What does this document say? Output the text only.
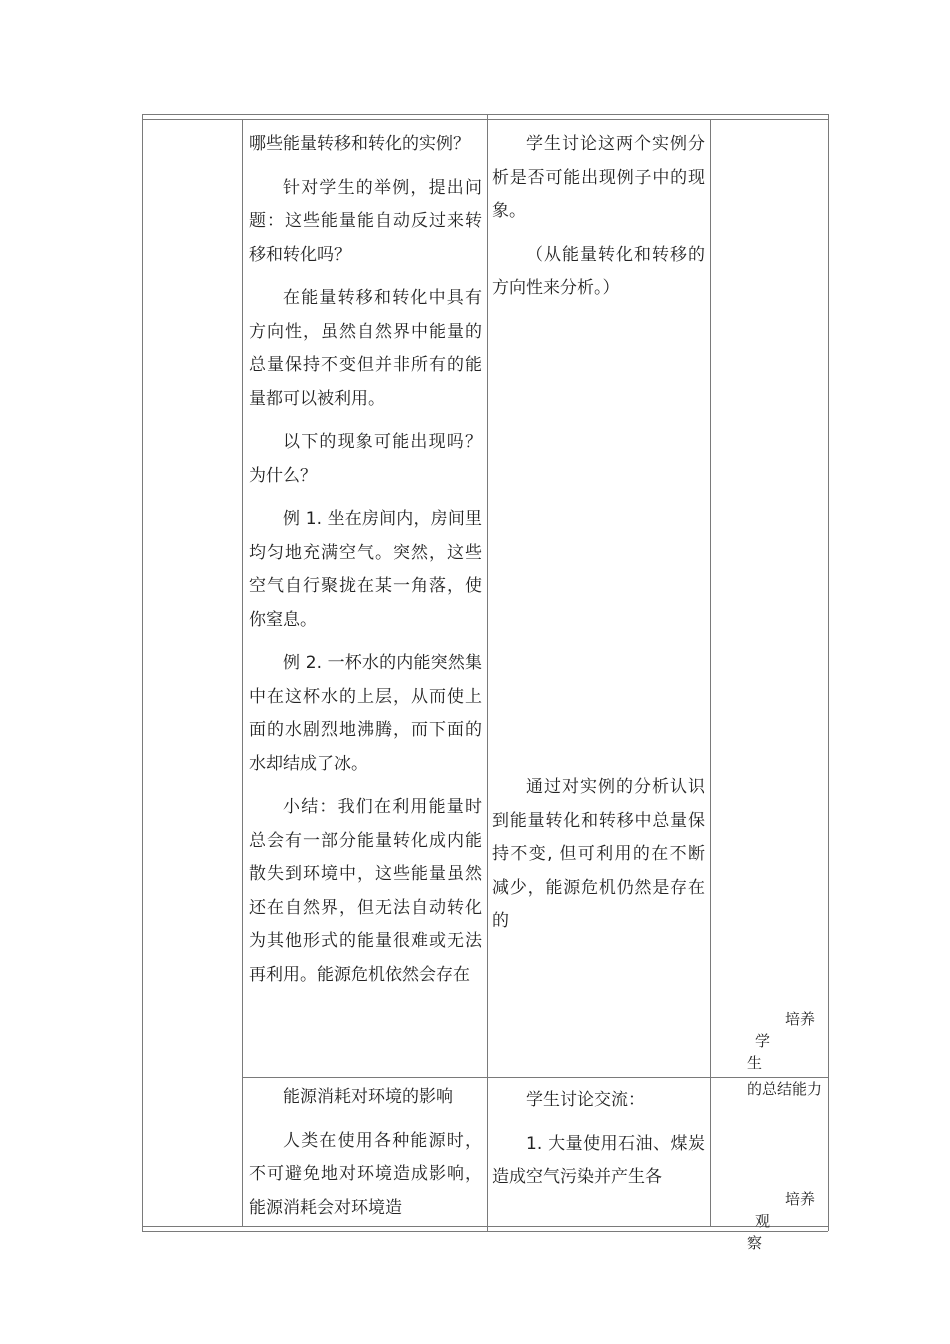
哪些能量转移和转化的实例？

针对学生的举例，提出问题：这些能量能自动反过来转移和转化吗？

在能量转移和转化中具有方向性，虽然自然界中能量的总量保持不变但并非所有的能量都可以被利用。

以下的现象可能出现吗？为什么？

例 1. 坐在房间内，房间里均匀地充满空气。突然，这些空气自行聚拢在某一角落，使你窒息。

例 2. 一杯水的内能突然集中在这杯水的上层，从而使上面的水剧烈地沸腾，而下面的水却结成了冰。

小结：我们在利用能量时总会有一部分能量转化成内能散失到环境中，这些能量虽然还在自然界，但无法自动转化为其他形式的能量很难或无法再利用。能源危机依然会存在

学生讨论这两个实例分析是否可能出现例子中的现象。

（从能量转化和转移的方向性来分析。）

通过对实例的分析认识到能量转化和转移中总量保持不变, 但可利用的在不断减少，能源危机仍然是存在的

培养学

生

的总结能力

能源消耗对环境的影响

人类在使用各种能源时，不可避免地对环境造成影响，能源消耗会对环境造

学生讨论交流：

1. 大量使用石油、煤炭造成空气污染并产生各

培养观

察
